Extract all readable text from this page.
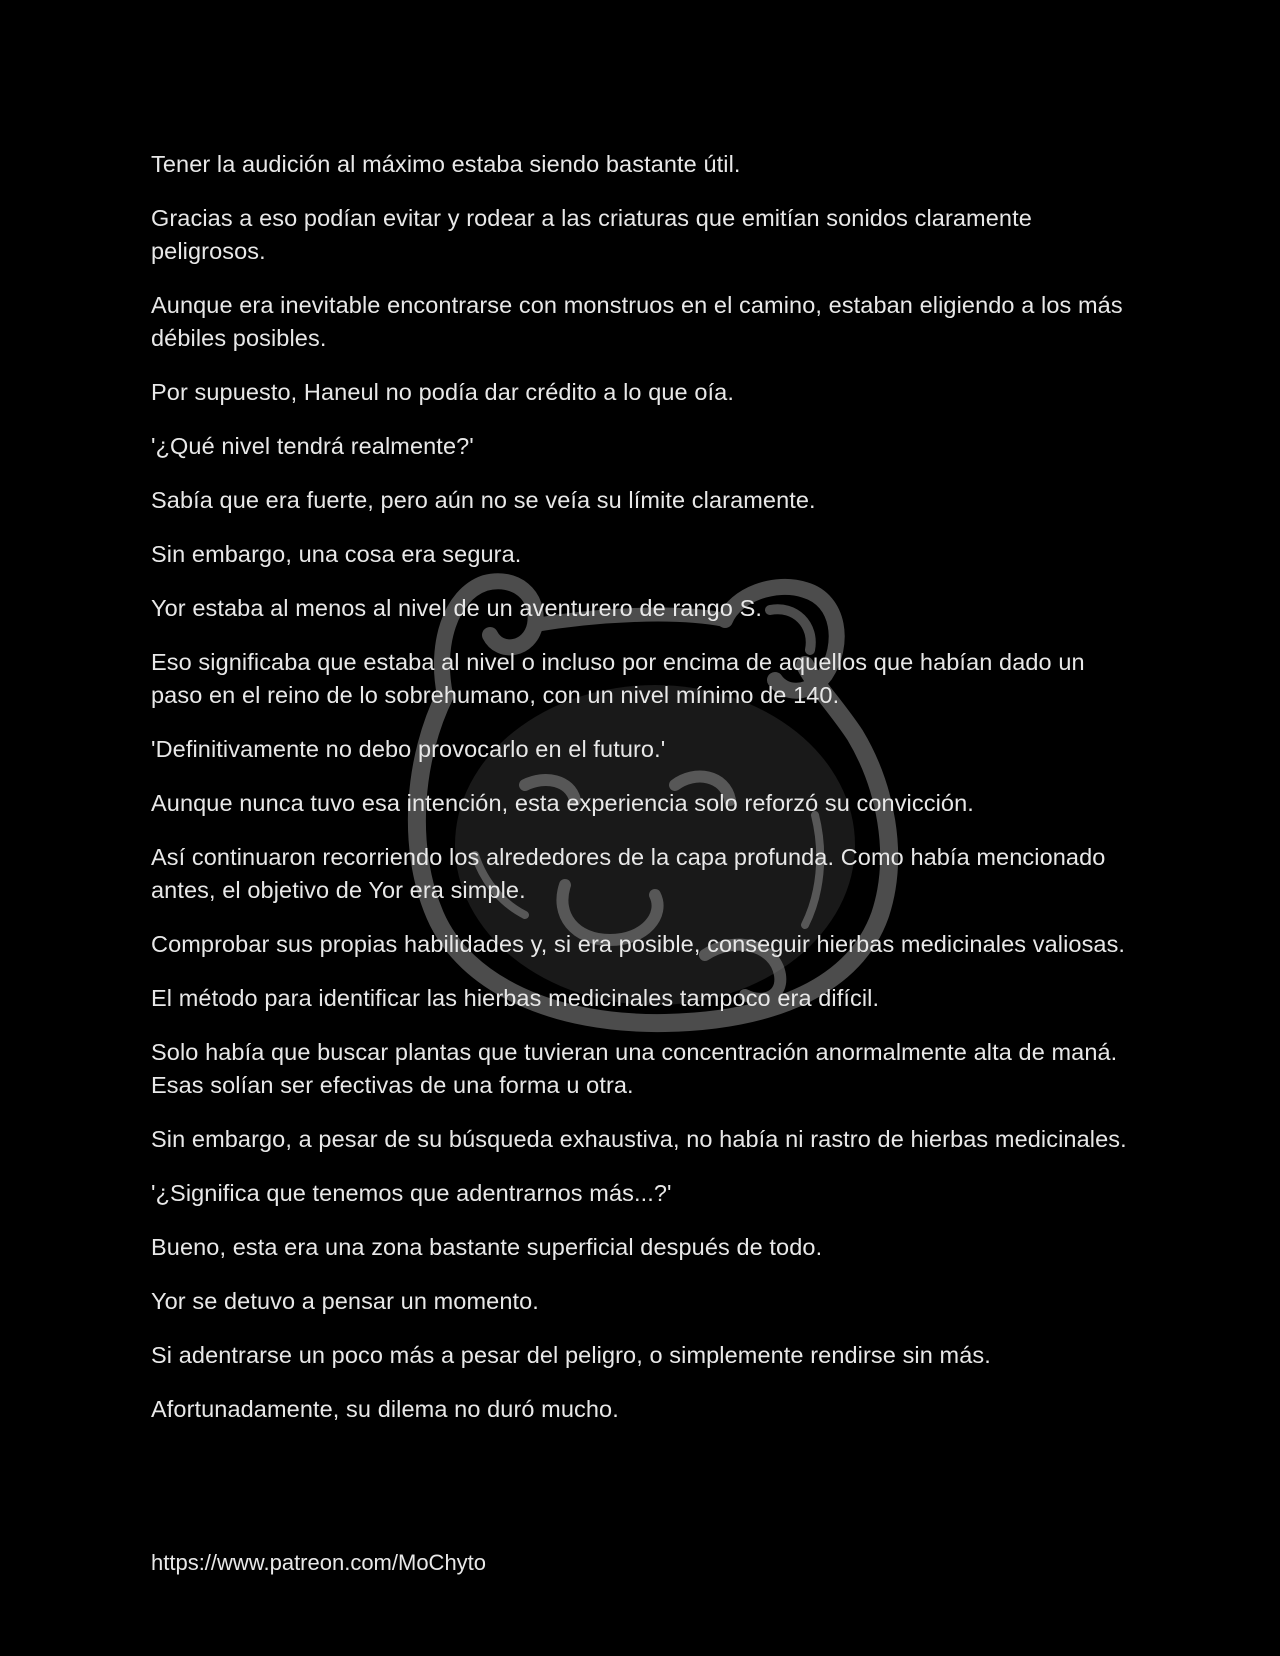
Tener la audición al máximo estaba siendo bastante útil.

Gracias a eso podían evitar y rodear a las criaturas que emitían sonidos claramente peligrosos.

Aunque era inevitable encontrarse con monstruos en el camino, estaban eligiendo a los más débiles posibles.

Por supuesto, Haneul no podía dar crédito a lo que oía.

'¿Qué nivel tendrá realmente?'

Sabía que era fuerte, pero aún no se veía su límite claramente.

Sin embargo, una cosa era segura.

Yor estaba al menos al nivel de un aventurero de rango S.

Eso significaba que estaba al nivel o incluso por encima de aquellos que habían dado un paso en el reino de lo sobrehumano, con un nivel mínimo de 140.

'Definitivamente no debo provocarlo en el futuro.'

Aunque nunca tuvo esa intención, esta experiencia solo reforzó su convicción.

Así continuaron recorriendo los alrededores de la capa profunda. Como había mencionado antes, el objetivo de Yor era simple.

Comprobar sus propias habilidades y, si era posible, conseguir hierbas medicinales valiosas.

El método para identificar las hierbas medicinales tampoco era difícil.

Solo había que buscar plantas que tuvieran una concentración anormalmente alta de maná. Esas solían ser efectivas de una forma u otra.

Sin embargo, a pesar de su búsqueda exhaustiva, no había ni rastro de hierbas medicinales.

'¿Significa que tenemos que adentrarnos más...?'

Bueno, esta era una zona bastante superficial después de todo.

Yor se detuvo a pensar un momento.

Si adentrarse un poco más a pesar del peligro, o simplemente rendirse sin más.

Afortunadamente, su dilema no duró mucho.

https://www.patreon.com/MoChyto
